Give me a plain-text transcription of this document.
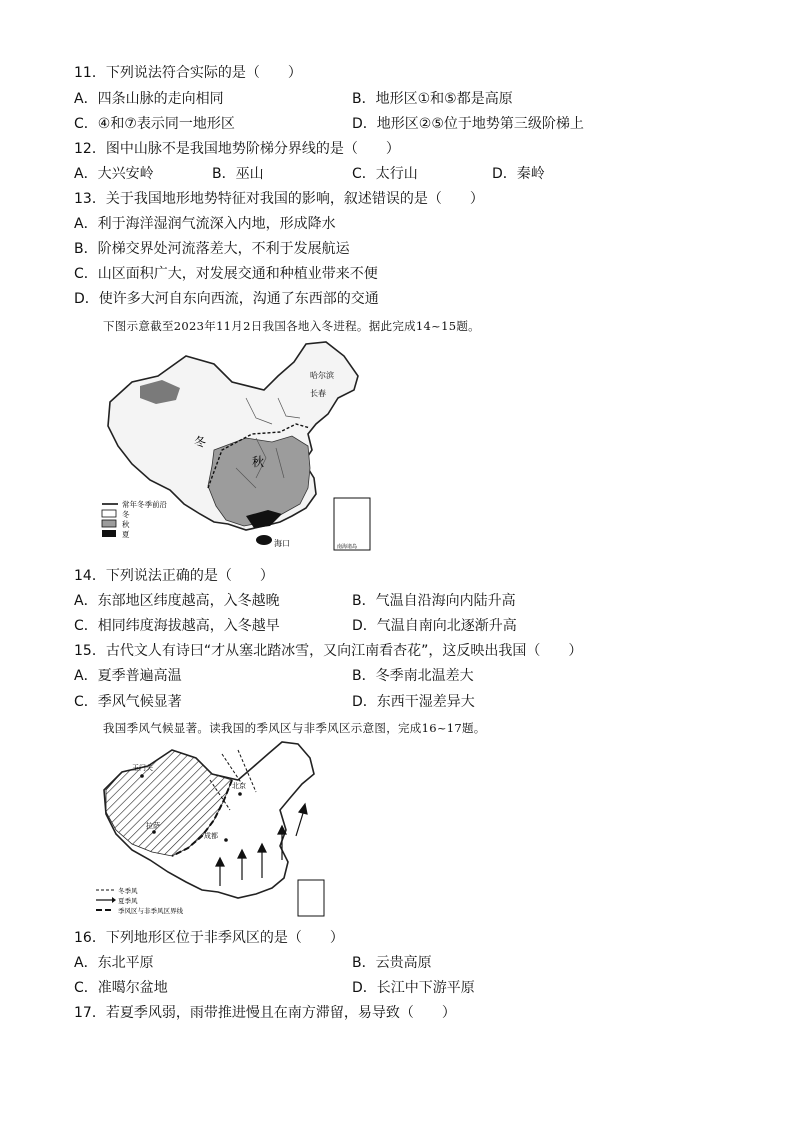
11．下列说法符合实际的是（　　）
A．四条山脉的走向相同	B．地形区①和⑤都是高原
C．④和⑦表示同一地形区	D．地形区②⑤位于地势第三级阶梯上
12．图中山脉不是我国地势阶梯分界线的是（　　）
A．大兴安岭	B．巫山	C．太行山	D．秦岭
13．关于我国地形地势特征对我国的影响，叙述错误的是（　　）
A．利于海洋湿润气流深入内地，形成降水
B．阶梯交界处河流落差大，不利于发展航运
C．山区面积广大，对发展交通和种植业带来不便
D．使许多大河自东向西流，沟通了东西部的交通
下图示意截至2023年11月2日我国各地入冬进程。据此完成14~15题。
哈尔滨
长春
冬
秋
海口
常年冬季前沿
冬
秋
夏
南海诸岛
14．下列说法正确的是（　　）
A．东部地区纬度越高，入冬越晚	B．气温自沿海向内陆升高
C．相同纬度海拔越高，入冬越早	D．气温自南向北逐渐升高
15．古代文人有诗曰“才从塞北踏冰雪，又向江南看杏花”，这反映出我国（　　）
A．夏季普遍高温	B．冬季南北温差大
C．季风气候显著	D．东西干湿差异大
我国季风气候显著。读我国的季风区与非季风区示意图，完成16~17题。
玉门关
北京
拉萨
成都
冬季风
夏季风
季风区与非季风区界线
16．下列地形区位于非季风区的是（　　）
A．东北平原	B．云贵高原
C．准噶尔盆地	D．长江中下游平原
17．若夏季风弱，雨带推进慢且在南方滞留，易导致（　　）
